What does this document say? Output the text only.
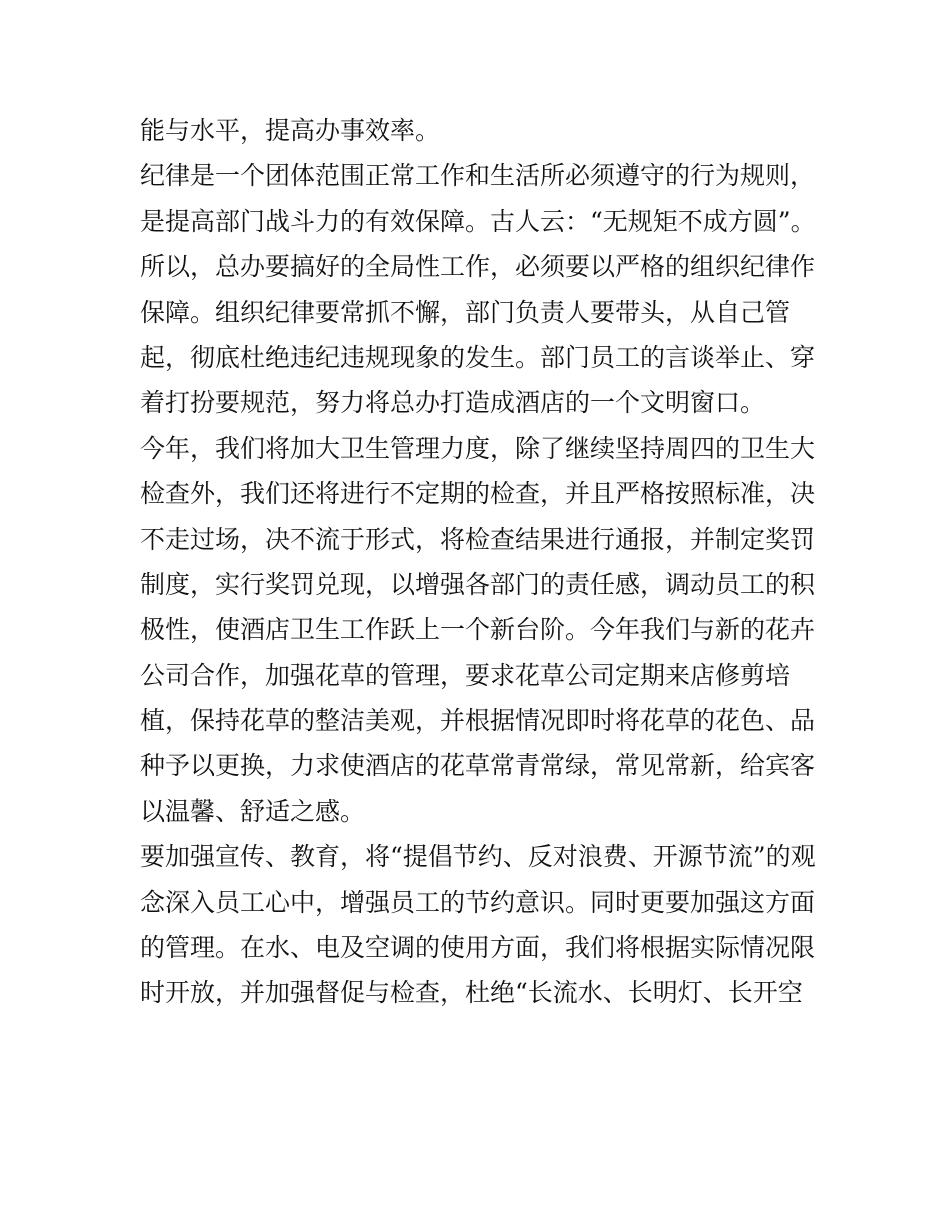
能与水平，提高办事效率。
纪律是一个团体范围正常工作和生活所必须遵守的行为规则，
是提高部门战斗力的有效保障。古人云：“无规矩不成方圆”。
所以，总办要搞好的全局性工作，必须要以严格的组织纪律作
保障。组织纪律要常抓不懈，部门负责人要带头，从自己管
起，彻底杜绝违纪违规现象的发生。部门员工的言谈举止、穿
着打扮要规范，努力将总办打造成酒店的一个文明窗口。
今年，我们将加大卫生管理力度，除了继续坚持周四的卫生大
检查外，我们还将进行不定期的检查，并且严格按照标准，决
不走过场，决不流于形式，将检查结果进行通报，并制定奖罚
制度，实行奖罚兑现，以增强各部门的责任感，调动员工的积
极性，使酒店卫生工作跃上一个新台阶。今年我们与新的花卉
公司合作，加强花草的管理，要求花草公司定期来店修剪培
植，保持花草的整洁美观，并根据情况即时将花草的花色、品
种予以更换，力求使酒店的花草常青常绿，常见常新，给宾客
以温馨、舒适之感。
要加强宣传、教育，将“提倡节约、反对浪费、开源节流”的观
念深入员工心中，增强员工的节约意识。同时更要加强这方面
的管理。在水、电及空调的使用方面，我们将根据实际情况限
时开放，并加强督促与检查，杜绝“长流水、长明灯、长开空
